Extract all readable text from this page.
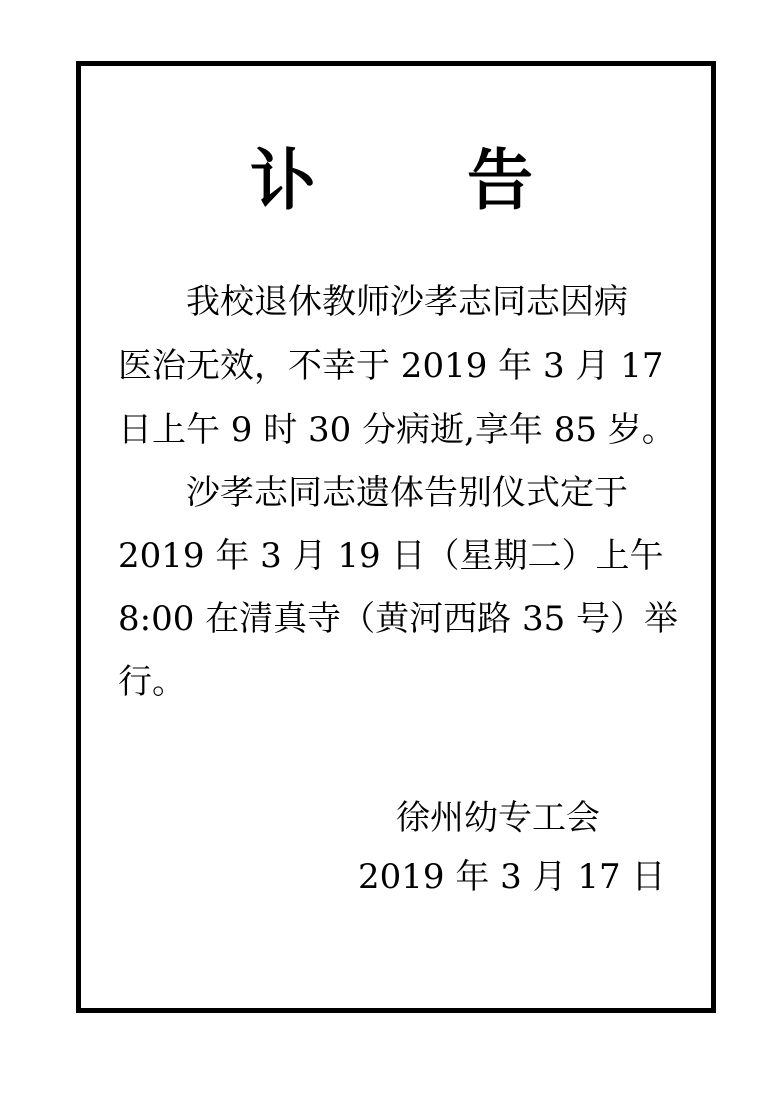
讣 告
我校退休教师沙孝志同志因病
医治无效，不幸于 2019 年 3 月 17
日上午 9 时 30 分病逝,享年 85 岁。
沙孝志同志遗体告别仪式定于
2019 年 3 月 19 日（星期二）上午
8:00 在清真寺（黄河西路 35 号）举
行。
徐州幼专工会
2019 年 3 月 17 日
